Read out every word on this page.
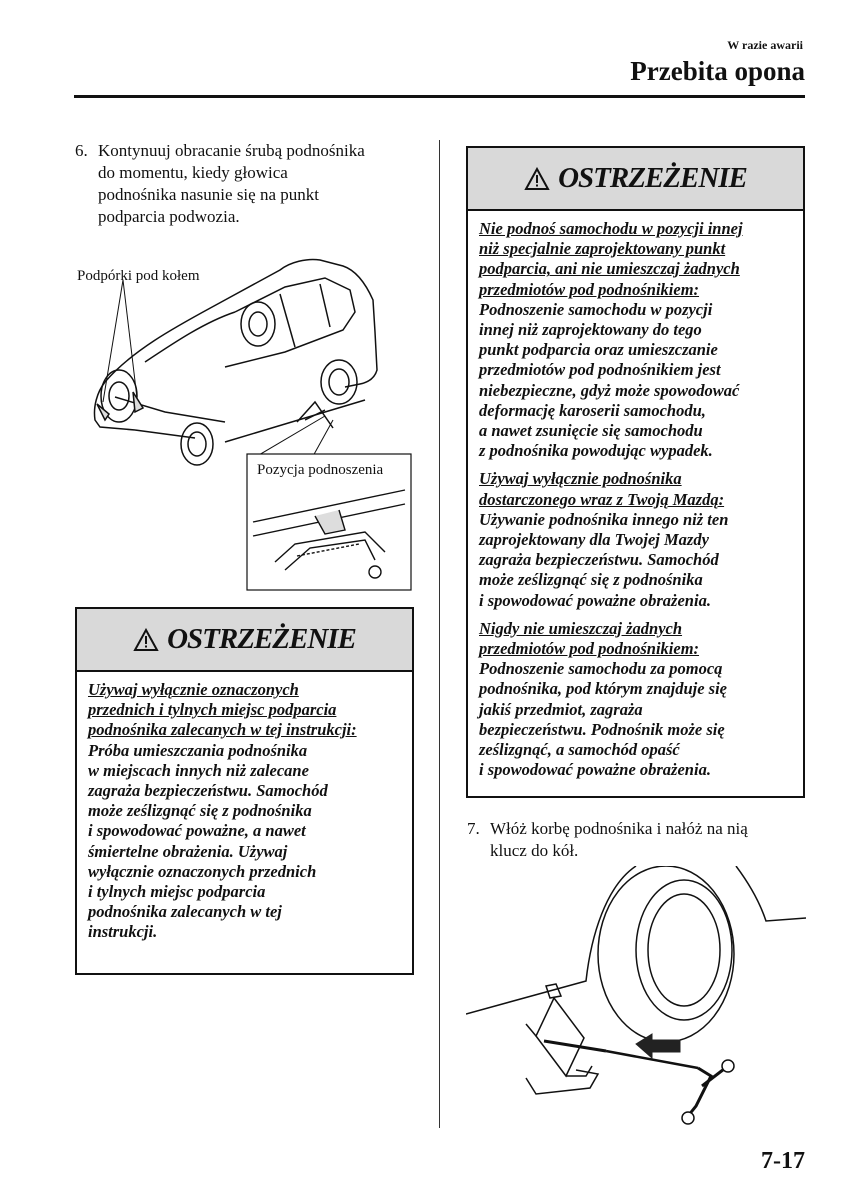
W razie awarii
Przebita opona
6. Kontynuuj obracanie śrubą podnośnika
do momentu, kiedy głowica
podnośnika nasunie się na punkt
podparcia podwozia.
Podpórki pod kołem
Pozycja podnoszenia
OSTRZEŻENIE
Używaj wyłącznie oznaczonych
przednich i tylnych miejsc podparcia
podnośnika zalecanych w tej instrukcji:
Próba umieszczania podnośnika
w miejscach innych niż zalecane
zagraża bezpieczeństwu. Samochód
może ześlizgnąć się z podnośnika
i spowodować poważne, a nawet
śmiertelne obrażenia. Używaj
wyłącznie oznaczonych przednich
i tylnych miejsc podparcia
podnośnika zalecanych w tej
instrukcji.
OSTRZEŻENIE
Nie podnoś samochodu w pozycji innej
niż specjalnie zaprojektowany punkt
podparcia, ani nie umieszczaj żadnych
przedmiotów pod podnośnikiem:
Podnoszenie samochodu w pozycji
innej niż zaprojektowany do tego
punkt podparcia oraz umieszczanie
przedmiotów pod podnośnikiem jest
niebezpieczne, gdyż może spowodować
deformację karoserii samochodu,
a nawet zsunięcie się samochodu
z podnośnika powodując wypadek.
Używaj wyłącznie podnośnika
dostarczonego wraz z Twoją Mazdą:
Używanie podnośnika innego niż ten
zaprojektowany dla Twojej Mazdy
zagraża bezpieczeństwu. Samochód
może ześlizgnąć się z podnośnika
i spowodować poważne obrażenia.
Nigdy nie umieszczaj żadnych
przedmiotów pod podnośnikiem:
Podnoszenie samochodu za pomocą
podnośnika, pod którym znajduje się
jakiś przedmiot, zagraża
bezpieczeństwu. Podnośnik może się
ześlizgnąć, a samochód opaść
i spowodować poważne obrażenia.
7. Włóż korbę podnośnika i nałóż na nią
klucz do kół.
7-17
